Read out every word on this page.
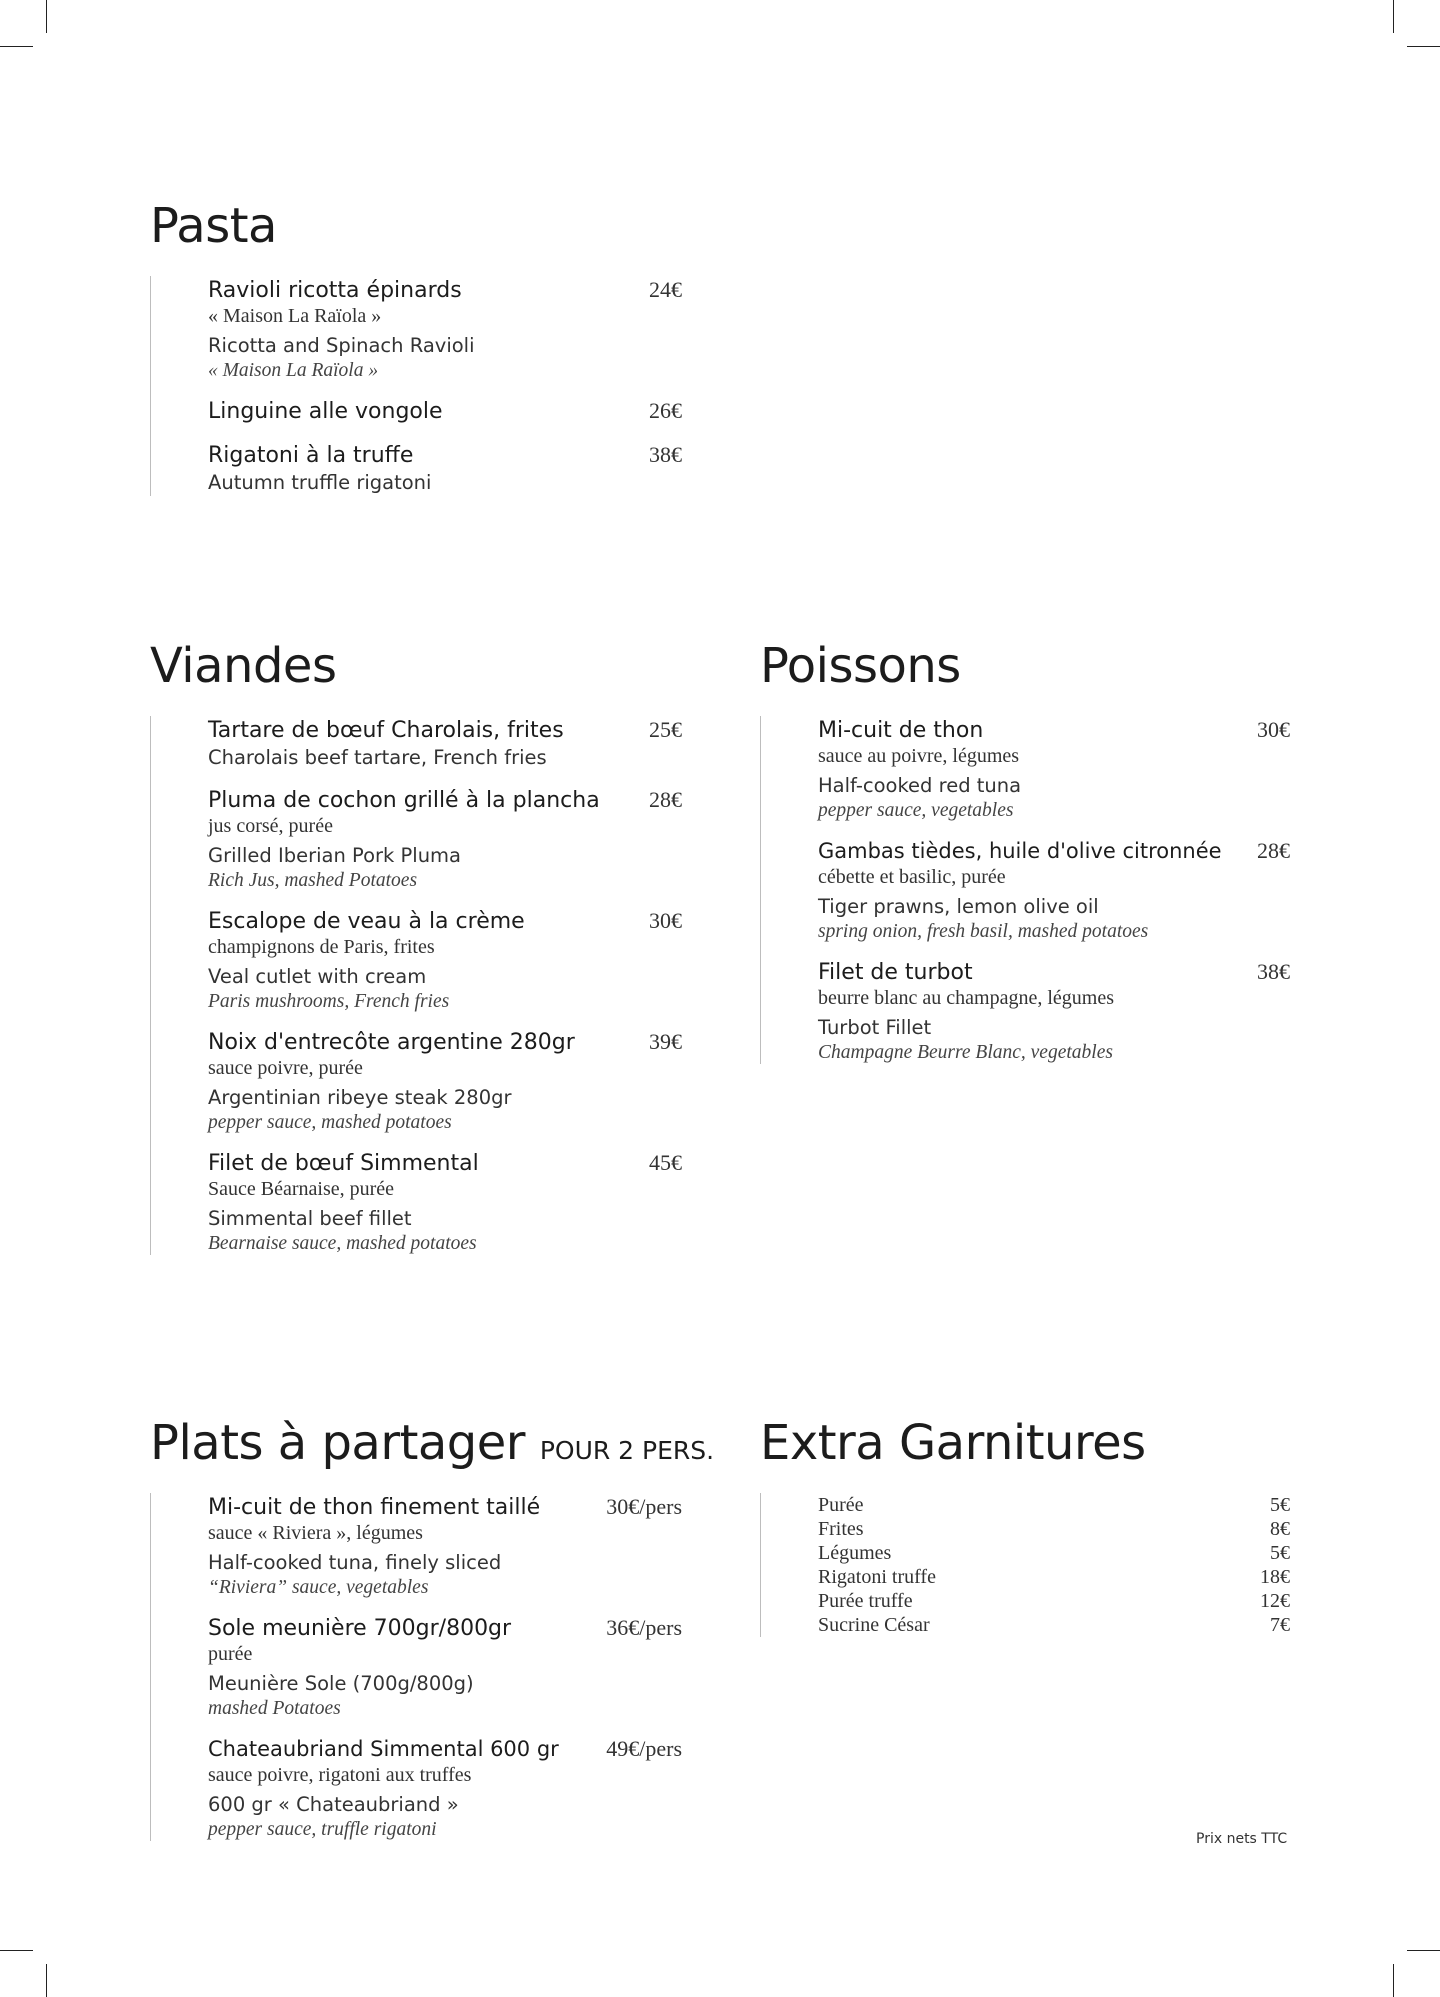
Pasta
Ravioli ricotta épinards	24€
« Maison La Raïola »
Ricotta and Spinach Ravioli
« Maison La Raïola »
Linguine alle vongole	26€
Rigatoni à la truffe	38€
Autumn truffle rigatoni
Viandes
Tartare de bœuf Charolais, frites	25€
Charolais beef tartare, French fries
Pluma de cochon grillé à la plancha 28€
jus corsé, purée
Grilled Iberian Pork Pluma
Rich Jus, mashed Potatoes
Escalope de veau à la crème	30€
champignons de Paris, frites
Veal cutlet with cream
Paris mushrooms, French fries
Noix d'entrecôte argentine 280gr	39€
sauce poivre, purée
Argentinian ribeye steak 280gr
pepper sauce, mashed potatoes
Filet de bœuf Simmental	45€
Sauce Béarnaise, purée
Simmental beef fillet
Bearnaise sauce, mashed potatoes
Poissons
Mi-cuit de thon	30€
sauce au poivre, légumes
Half-cooked red tuna
pepper sauce, vegetables
Gambas tièdes, huile d'olive citronnée 28€
cébette et basilic, purée
Tiger prawns, lemon olive oil
spring onion, fresh basil, mashed potatoes
Filet de turbot	38€
beurre blanc au champagne, légumes
Turbot Fillet
Champagne Beurre Blanc, vegetables
Plats à partager POUR 2 PERS.
Mi-cuit de thon finement taillé	30€/pers
sauce « Riviera », légumes
Half-cooked tuna, finely sliced
“Riviera” sauce, vegetables
Sole meunière 700gr/800gr	36€/pers
purée
Meunière Sole (700g/800g)
mashed Potatoes
Chateaubriand Simmental 600 gr 49€/pers
sauce poivre, rigatoni aux truffes
600 gr « Chateaubriand »
pepper sauce, truffle rigatoni
Extra Garnitures
Purée	5€
Frites	8€
Légumes	5€
Rigatoni truffe	18€
Purée truffe	12€
Sucrine César	7€
Prix nets TTC
